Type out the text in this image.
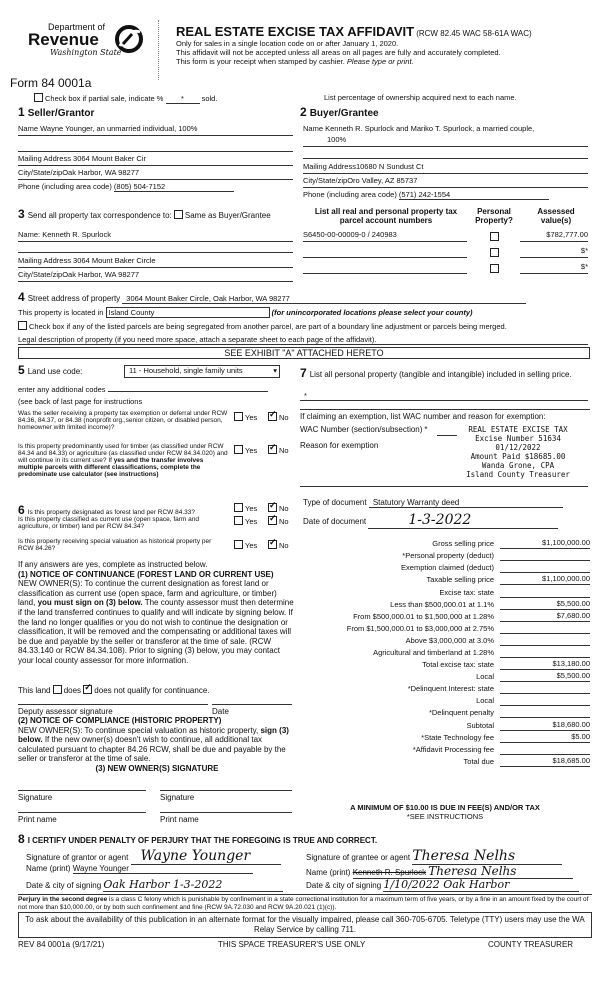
Department of
Revenue
Washington State
Form 84 0001a
REAL ESTATE EXCISE TAX AFFIDAVIT (RCW 82.45 WAC 58-61A WAC)
Only for sales in a single location code on or after January 1, 2020.
This affidavit will not be accepted unless all areas on all pages are fully and accurately completed.
This form is your receipt when stamped by cashier. Please type or print.
Check box if partial sale, indicate % * sold.	List percentage of ownership acquired next to each name.
1 Seller/Grantor
Name Wayne Younger, an unmarried individual, 100%
Mailing Address 3064 Mount Baker Cir
City/State/zipOak Harbor, WA 98277
Phone (including area code) (805) 504-7152
2 Buyer/Grantee
Name Kenneth R. Spurlock and Mariko T. Spurlock, a married couple,
100%
Mailing Address10680 N Sundust Ct
City/State/zipOro Valley, AZ 85737
Phone (including area code) (571) 242-1554
3 Send all property tax correspondence to: Same as Buyer/Grantee
Name: Kenneth R. Spurlock
Mailing Address 3064 Mount Baker Circle
City/State/zipOak Harbor, WA 98277
List all real and personal property tax parcel account numbers
Personal Property?
Assessed value(s)
S6450-00-00009-0 / 240983	$782,777.00
$*
$*
4 Street address of property 3064 Mount Baker Circle, Oak Harbor, WA 98277
This property is located in Island County	(for unincorporated locations please select your county)
Check box if any of the listed parcels are being segregated from another parcel, are part of a boundary line adjustment or parcels being merged.
Legal description of property (if you need more space, attach a separate sheet to each page of the affidavit).
SEE EXHIBIT "A" ATTACHED HERETO
5 Land use code:	11 - Household, single family units	▾
enter any additional codes
(see back of last page for instructions
Was the seller receiving a property tax exemption or deferral under RCW 84.36, 84.37, or 84.38 (nonprofit org.,senior citizen, or disabled person, homeowner with limited income)?
Yes ✓	No
Is this property predominantly used for timber (as classified under RCW 84.34 and 84.33) or agriculture (as classified under RCW 84.34.020) and will continue in its current use? If yes and the transfer involves multiple parcels with different classifications, complete the predominate use calculator (see instructions)
Yes ✓	No
7 List all personal property (tangible and intangible) included in selling price.
*
If claiming an exemption, list WAC number and reason for exemption:
WAC Number (section/subsection) *
Reason for exemption
REAL ESTATE EXCISE TAX
Excise Number 51634
01/12/2022
Amount Paid $18685.00
Wanda Grone, CPA
Island County Treasurer
Type of document Statutory Warranty deed
Date of document	1-3-2022
6 Is this property designated as forest land per RCW 84.33?	Yes ✓	No
Is this property classified as current use (open space, farm and agriculture, or timber) land per RCW 84.34?
Yes ✓	No
Is this property receiving special valuation as historical property per RCW 84.26?	Yes ✓	No
If any answers are yes, complete as instructed below.
(1) NOTICE OF CONTINUANCE (FOREST LAND OR CURRENT USE)
NEW OWNER(S): To continue the current designation as forest land or classification as current use (open space, farm and agriculture, or timber) land, you must sign on (3) below. The county assessor must then determine if the land transferred continues to qualify and will indicate by signing below. If the land no longer qualifies or you do not wish to continue the designation or classification, it will be removed and the compensating or additional taxes will be due and payable by the seller or transferor at the time of sale. (RCW 84.33.140 or RCW 84.34.108). Prior to signing (3) below, you may contact your local county assessor for more information.
This land does ✓ does not qualify for continuance.
Deputy assessor signature	Date
(2) NOTICE OF COMPLIANCE (HISTORIC PROPERTY)
NEW OWNER(S): To continue special valuation as historic property, sign (3) below. If the new owner(s) doesn't wish to continue, all additional tax calculated pursuant to chapter 84.26 RCW, shall be due and payable by the seller or transferor at the time of sale.
(3) NEW OWNER(S) SIGNATURE
Signature	Signature
Print name	Print name
Gross selling price	$1,100,000.00
*Personal property (deduct)
Exemption claimed (deduct)
Taxable selling price	$1,100,000.00
Excise tax: state
Less than $500,000.01 at 1.1%	$5,500.00
From $500,000.01 to $1,500,000 at 1.28%	$7,680.00
From $1,500,000.01 to $3,000,000 at 2.75%
Above $3,000,000 at 3.0%
Agricultural and timberland at 1.28%
Total excise tax: state	$13,180.00
Local	$5,500.00
*Delinquent Interest: state
Local
*Delinquent penalty
Subtotal	$18,680.00
*State Technology fee	$5.00
*Affidavit Processing fee
Total due	$18,685.00
A MINIMUM OF $10.00 IS DUE IN FEE(S) AND/OR TAX
*SEE INSTRUCTIONS
8 I CERTIFY UNDER PENALTY OF PERJURY THAT THE FOREGOING IS TRUE AND CORRECT.
Signature of grantor or agent Wayne Younger
Name (print) Wayne Younger
Date & city of signing Oak Harbor 1-3-2022
Signature of grantee or agent Theresa Nelhs
Name (print) Kenneth R. Spurlock Theresa Nelhs
Date & city of signing 1/10/2022 Oak Harbor
Perjury in the second degree is a class C felony which is punishable by confinement in a state correctional institution for a maximum term of five years, or by a fine in an amount fixed by the court of not more than $10,000.00, or by both such confinement and fine (RCW 9A.72.030 and RCW 9A.20.021 (1)(c)).
To ask about the availability of this publication in an alternate format for the visually impaired, please call 360-705-6705. Teletype (TTY) users may use the WA Relay Service by calling 711.
REV 84 0001a (9/17/21)	THIS SPACE TREASURER'S USE ONLY	COUNTY TREASURER
